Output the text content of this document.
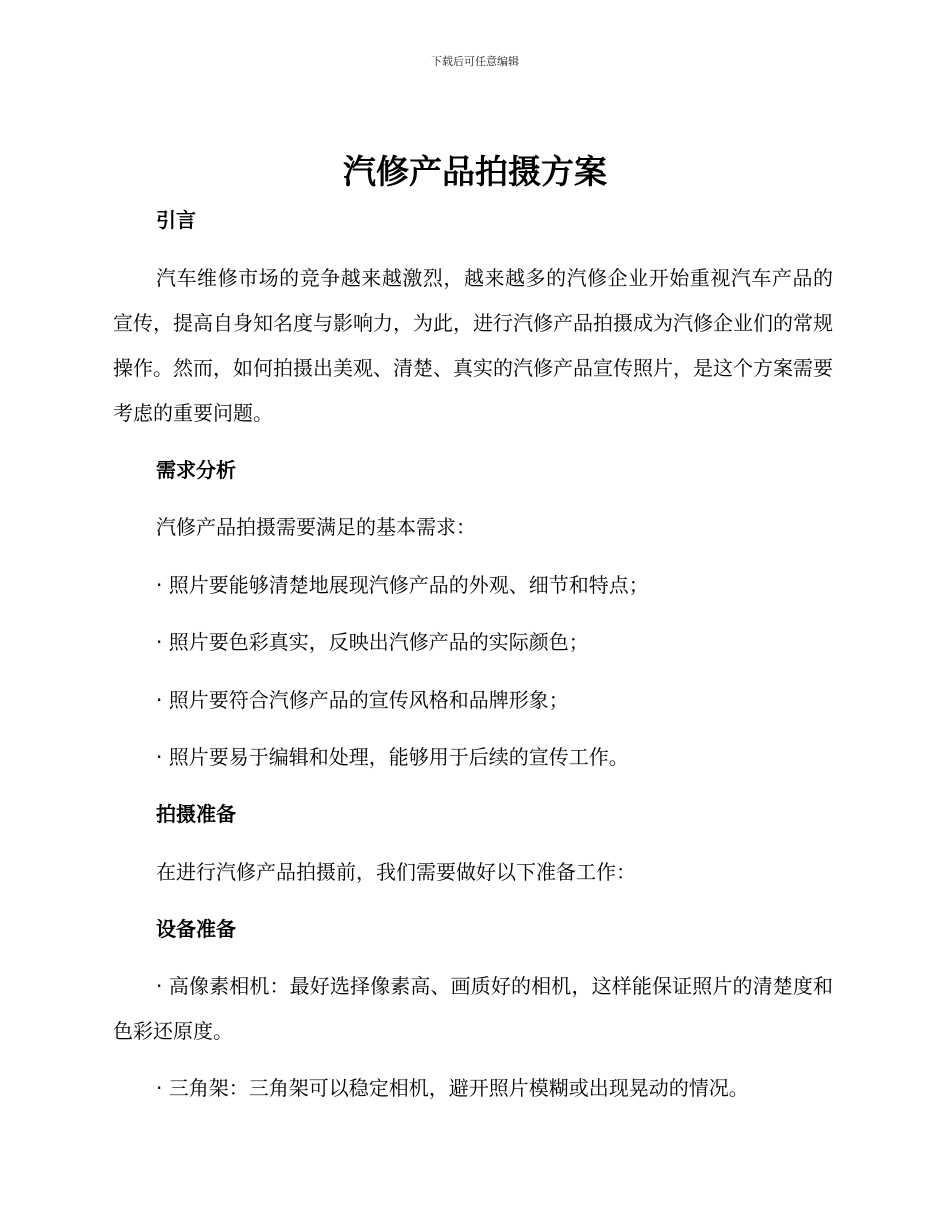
下载后可任意编辑
汽修产品拍摄方案

引言

汽车维修市场的竞争越来越激烈，越来越多的汽修企业开始重视汽车产品的宣传，提高自身知名度与影响力，为此，进行汽修产品拍摄成为汽修企业们的常规操作。然而，如何拍摄出美观、清楚、真实的汽修产品宣传照片，是这个方案需要考虑的重要问题。

需求分析

汽修产品拍摄需要满足的基本需求：

· 照片要能够清楚地展现汽修产品的外观、细节和特点；

· 照片要色彩真实，反映出汽修产品的实际颜色；

· 照片要符合汽修产品的宣传风格和品牌形象；

· 照片要易于编辑和处理，能够用于后续的宣传工作。

拍摄准备

在进行汽修产品拍摄前，我们需要做好以下准备工作：

设备准备

· 高像素相机：最好选择像素高、画质好的相机，这样能保证照片的清楚度和色彩还原度。

· 三角架：三角架可以稳定相机，避开照片模糊或出现晃动的情况。
